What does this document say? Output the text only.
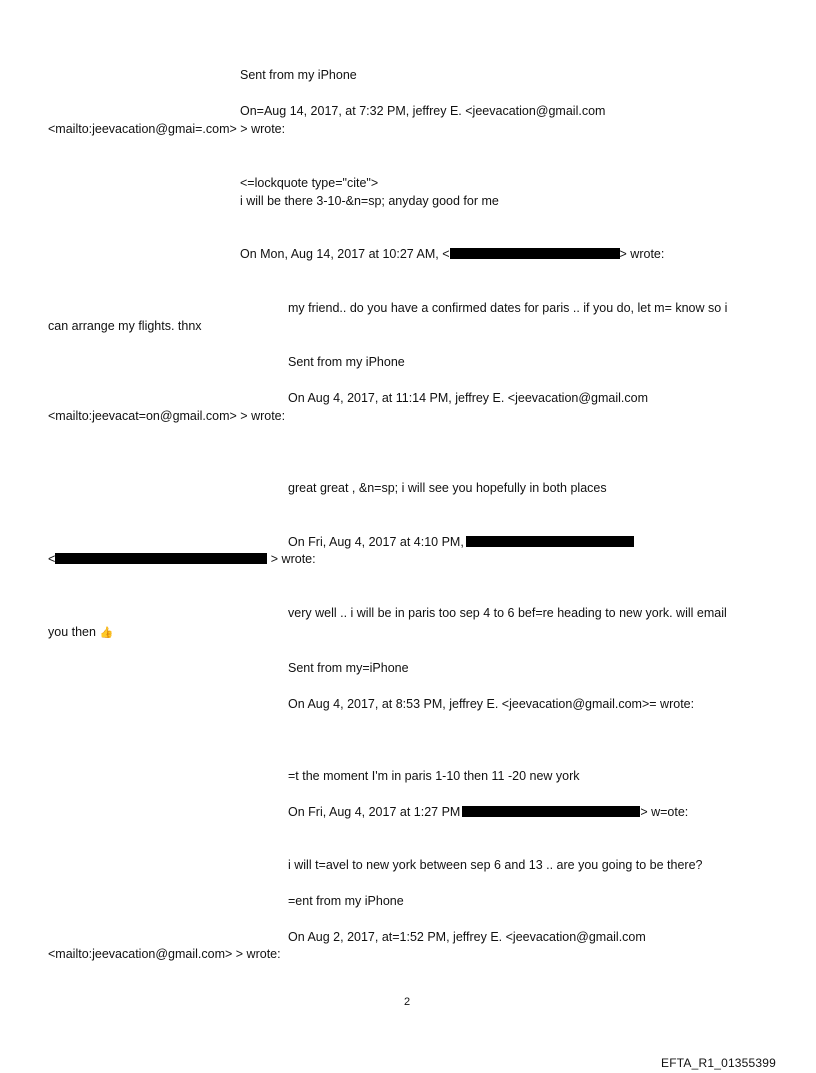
Sent from my iPhone
On=Aug 14, 2017, at 7:32 PM, jeffrey E. <jeevacation@gmail.com
<mailto:jeevacation@gmai=.com> > wrote:
<=lockquote type="cite">
i will be there 3-10-&n=sp; anyday good for me
On Mon, Aug 14, 2017 at 10:27 AM, <	> wrote:
my friend.. do you have a confirmed dates for paris .. if you do, let m= know so i
can arrange my flights. thnx
Sent from my iPhone
On Aug 4, 2017, at 11:14 PM, jeffrey E. <jeevacation@gmail.com
<mailto:jeevacat=on@gmail.com> > wrote:
great great , &n=sp; i will see you hopefully in both places
On Fri, Aug 4, 2017 at 4:10 PM,
<	> wrote:
very well .. i will be in paris too sep 4 to 6 bef=re heading to new york. will email
you then 👍
Sent from my=iPhone
On Aug 4, 2017, at 8:53 PM, jeffrey E. <jeevacation@gmail.com>= wrote:
=t the moment I'm in paris 1-10 then 11 -20 new york
On Fri, Aug 4, 2017 at 1:27 PM	> w=ote:
i will t=avel to new york between sep 6 and 13 .. are you going to be there?
=ent from my iPhone
On Aug 2, 2017, at=1:52 PM, jeffrey E. <jeevacation@gmail.com
<mailto:jeevacation@gmail.com> > wrote:
2
EFTA_R1_01355399
